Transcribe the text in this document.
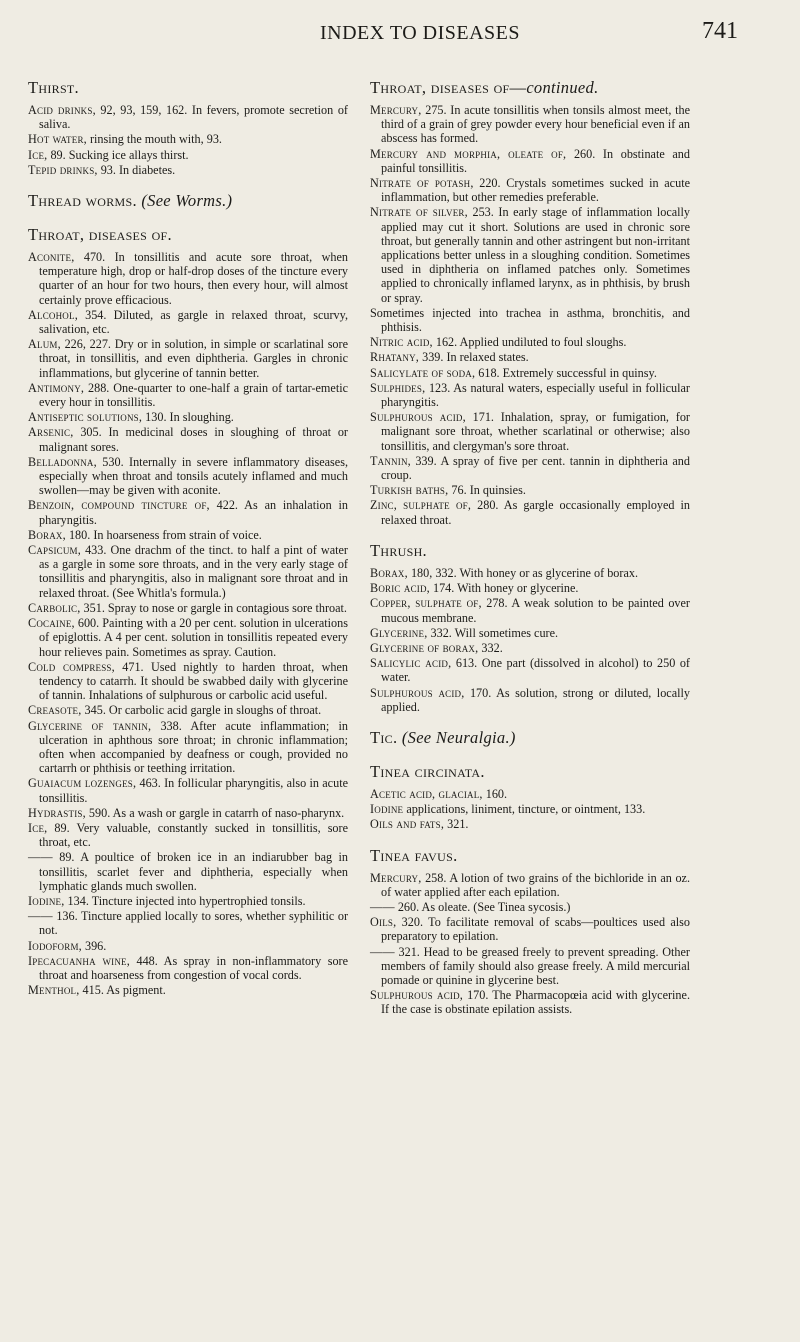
INDEX TO DISEASES	741
Thirst.
Acid drinks, 92, 93, 159, 162. In fevers, promote secretion of saliva.
Hot water, rinsing the mouth with, 93.
Ice, 89. Sucking ice allays thirst.
Tepid drinks, 93. In diabetes.
Thread worms. (See Worms.)
Throat, diseases of.
Aconite, 470. In tonsillitis and acute sore throat, when temperature high, drop or half-drop doses of the tincture every quarter of an hour for two hours, then every hour, will almost certainly prove efficacious.
Alcohol, 354. Diluted, as gargle in relaxed throat, scurvy, salivation, etc.
Alum, 226, 227. Dry or in solution, in simple or scarlatinal sore throat, in tonsillitis, and even diphtheria. Gargles in chronic inflammations, but glycerine of tannin better.
Antimony, 288. One-quarter to one-half a grain of tartar-emetic every hour in tonsillitis.
Antiseptic solutions, 130. In sloughing.
Arsenic, 305. In medicinal doses in sloughing of throat or malignant sores.
Belladonna, 530. Internally in severe inflammatory diseases, especially when throat and tonsils acutely inflamed and much swollen—may be given with aconite.
Benzoin, compound tincture of, 422. As an inhalation in pharyngitis.
Borax, 180. In hoarseness from strain of voice.
Capsicum, 433. One drachm of the tinct. to half a pint of water as a gargle in some sore throats, and in the very early stage of tonsillitis and pharyngitis, also in malignant sore throat and in relaxed throat. (See Whitla's formula.)
Carbolic, 351. Spray to nose or gargle in contagious sore throat.
Cocaine, 600. Painting with a 20 per cent. solution in ulcerations of epiglottis. A 4 per cent. solution in tonsillitis repeated every hour relieves pain. Sometimes as spray. Caution.
Cold compress, 471. Used nightly to harden throat, when tendency to catarrh. It should be swabbed daily with glycerine of tannin. Inhalations of sulphurous or carbolic acid useful.
Creasote, 345. Or carbolic acid gargle in sloughs of throat.
Glycerine of tannin, 338. After acute inflammation; in ulceration in aphthous sore throat; in chronic inflammation; often when accompanied by deafness or cough, provided no cartarrh or phthisis or teething irritation.
Guaiacum lozenges, 463. In follicular pharyngitis, also in acute tonsillitis.
Hydrastis, 590. As a wash or gargle in catarrh of naso-pharynx.
Ice, 89. Very valuable, constantly sucked in tonsillitis, sore throat, etc.
—— 89. A poultice of broken ice in an indiarubber bag in tonsillitis, scarlet fever and diphtheria, especially when lymphatic glands much swollen.
Iodine, 134. Tincture injected into hypertrophied tonsils.
—— 136. Tincture applied locally to sores, whether syphilitic or not.
Iodoform, 396.
Ipecacuanha wine, 448. As spray in non-inflammatory sore throat and hoarseness from congestion of vocal cords.
Menthol, 415. As pigment.
Throat, diseases of—continued.
Mercury, 275. In acute tonsillitis when tonsils almost meet, the third of a grain of grey powder every hour beneficial even if an abscess has formed.
Mercury and morphia, oleate of, 260. In obstinate and painful tonsillitis.
Nitrate of potash, 220. Crystals sometimes sucked in acute inflammation, but other remedies preferable.
Nitrate of silver, 253. In early stage of inflammation locally applied may cut it short. Solutions are used in chronic sore throat, but generally tannin and other astringent but non-irritant applications better unless in a sloughing condition. Sometimes used in diphtheria on inflamed patches only. Sometimes applied to chronically inflamed larynx, as in phthisis, by brush or spray.
Sometimes injected into trachea in asthma, bronchitis, and phthisis.
Nitric acid, 162. Applied undiluted to foul sloughs.
Rhatany, 339. In relaxed states.
Salicylate of soda, 618. Extremely successful in quinsy.
Sulphides, 123. As natural waters, especially useful in follicular pharyngitis.
Sulphurous acid, 171. Inhalation, spray, or fumigation, for malignant sore throat, whether scarlatinal or otherwise; also tonsillitis, and clergyman's sore throat.
Tannin, 339. A spray of five per cent. tannin in diphtheria and croup.
Turkish baths, 76. In quinsies.
Zinc, sulphate of, 280. As gargle occasionally employed in relaxed throat.
Thrush.
Borax, 180, 332. With honey or as glycerine of borax.
Boric acid, 174. With honey or glycerine.
Copper, sulphate of, 278. A weak solution to be painted over mucous membrane.
Glycerine, 332. Will sometimes cure.
Glycerine of borax, 332.
Salicylic acid, 613. One part (dissolved in alcohol) to 250 of water.
Sulphurous acid, 170. As solution, strong or diluted, locally applied.
Tic. (See Neuralgia.)
Tinea circinata.
Acetic acid, glacial, 160.
Iodine applications, liniment, tincture, or ointment, 133.
Oils and fats, 321.
Tinea favus.
Mercury, 258. A lotion of two grains of the bichloride in an oz. of water applied after each epilation.
—— 260. As oleate. (See Tinea sycosis.)
Oils, 320. To facilitate removal of scabs—poultices used also preparatory to epilation.
—— 321. Head to be greased freely to prevent spreading. Other members of family should also grease freely. A mild mercurial pomade or quinine in glycerine best.
Sulphurous acid, 170. The Pharmacopœia acid with glycerine. If the case is obstinate epilation assists.
